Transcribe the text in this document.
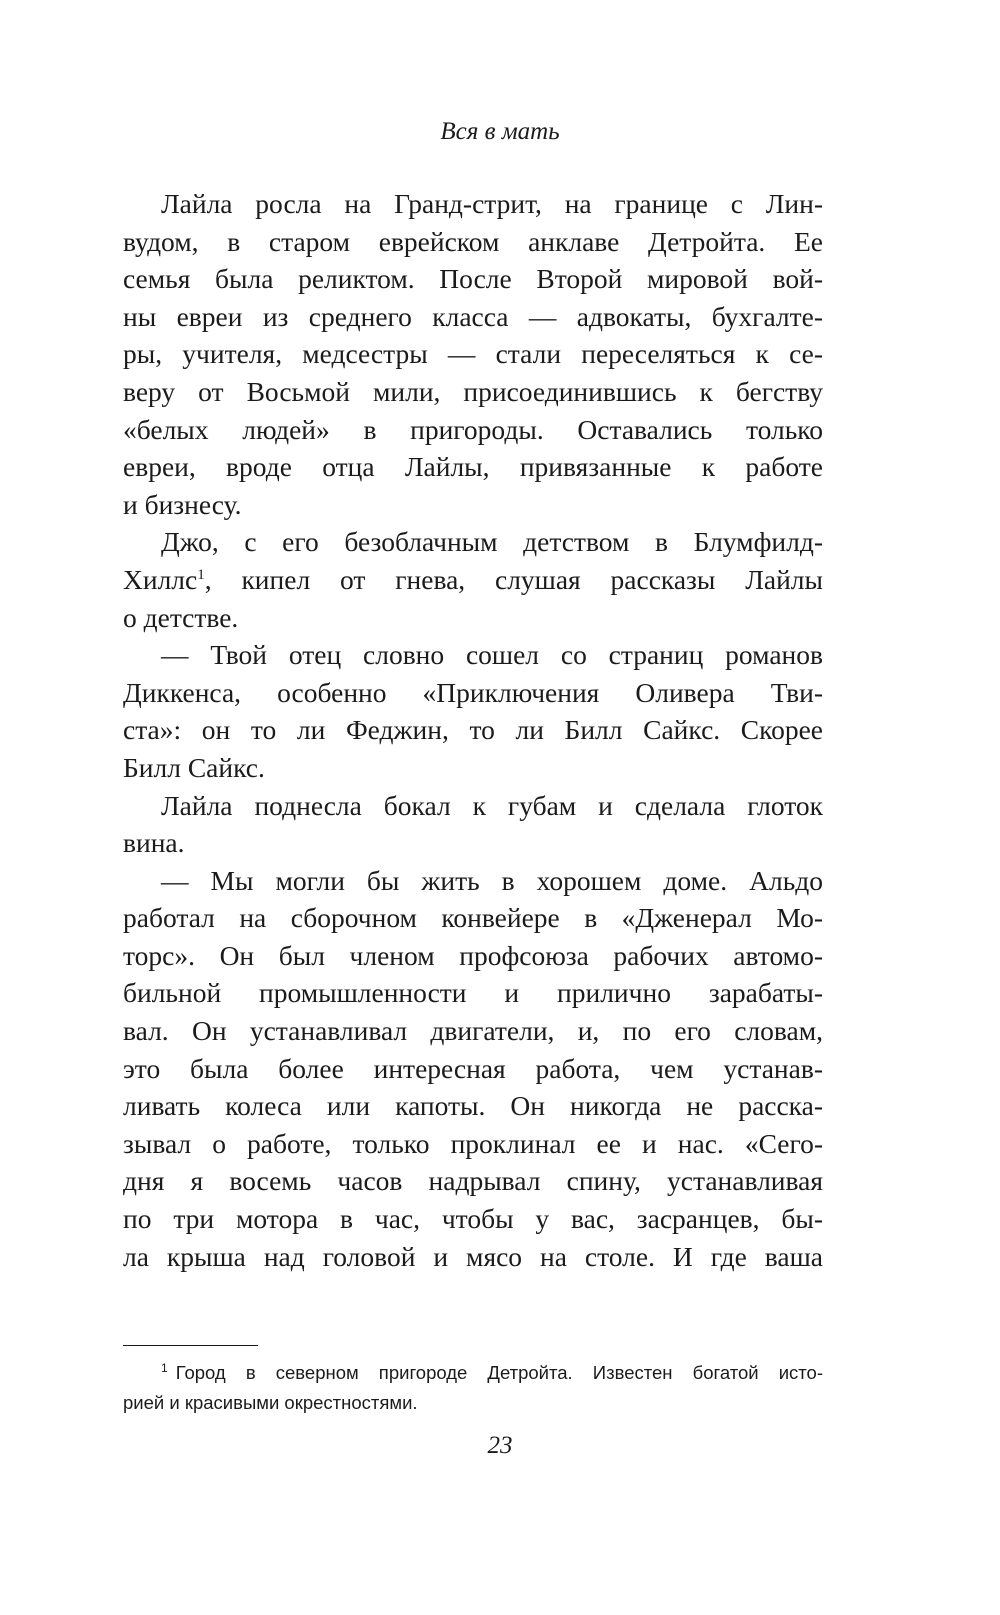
Вся в мать
Лайла росла на Гранд-стрит, на границе с Лин-
вудом, в старом еврейском анклаве Детройта. Ее
семья была реликтом. После Второй мировой вой-
ны евреи из среднего класса — адвокаты, бухгалте-
ры, учителя, медсестры — стали переселяться к се-
веру от Восьмой мили, присоединившись к бегству
«белых людей» в пригороды. Оставались только
евреи, вроде отца Лайлы, привязанные к работе
и бизнесу.
Джо, с его безоблачным детством в Блумфилд-
Хиллс$^1$, кипел от гнева, слушая рассказы Лайлы
о детстве.
— Твой отец словно сошел со страниц романов
Диккенса, особенно «Приключения Оливера Тви-
ста»: он то ли Феджин, то ли Билл Сайкс. Скорее
Билл Сайкс.
Лайла поднесла бокал к губам и сделала глоток
вина.
— Мы могли бы жить в хорошем доме. Альдо
работал на сборочном конвейере в «Дженерал Мо-
торс». Он был членом профсоюза рабочих автомо-
бильной промышленности и прилично зарабаты-
вал. Он устанавливал двигатели, и, по его словам,
это была более интересная работа, чем устанав-
ливать колеса или капоты. Он никогда не расска-
зывал о работе, только проклинал ее и нас. «Сего-
дня я восемь часов надрывал спину, устанавливая
по три мотора в час, чтобы у вас, засранцев, бы-
ла крыша над головой и мясо на столе. И где ваша
$^1$ Город в северном пригороде Детройта. Известен богатой исто-
рией и красивыми окрестностями.
23
